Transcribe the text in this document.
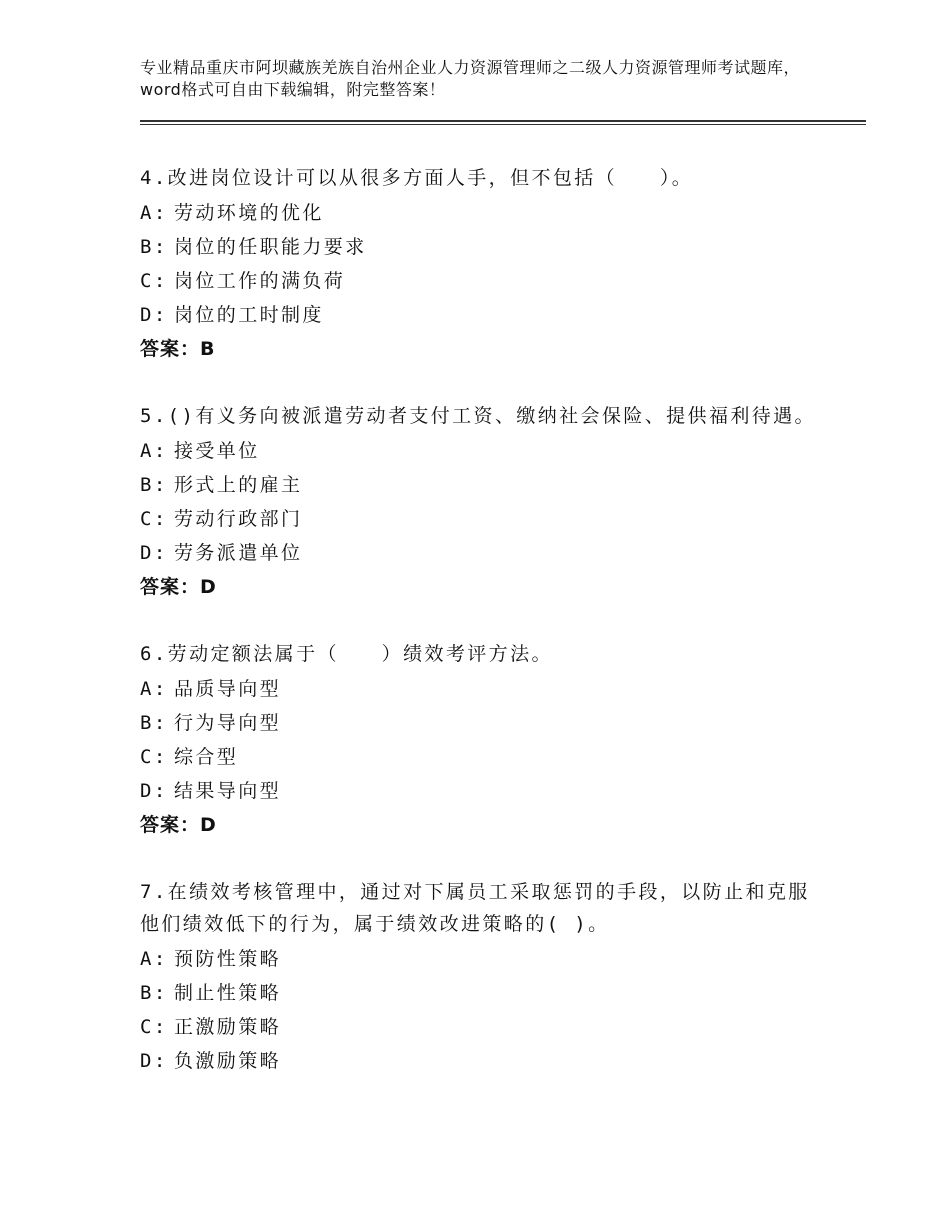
专业精品重庆市阿坝藏族羌族自治州企业人力资源管理师之二级人力资源管理师考试题库，word格式可自由下载编辑，附完整答案！
4.改进岗位设计可以从很多方面人手，但不包括（　　）。
A: 劳动环境的优化
B: 岗位的任职能力要求
C: 岗位工作的满负荷
D: 岗位的工时制度
答案：B
5.()有义务向被派遣劳动者支付工资、缴纳社会保险、提供福利待遇。
A: 接受单位
B: 形式上的雇主
C: 劳动行政部门
D: 劳务派遣单位
答案：D
6.劳动定额法属于（　　）绩效考评方法。
A: 品质导向型
B: 行为导向型
C: 综合型
D: 结果导向型
答案：D
7.在绩效考核管理中，通过对下属员工采取惩罚的手段，以防止和克服他们绩效低下的行为，属于绩效改进策略的( )。
A: 预防性策略
B: 制止性策略
C: 正激励策略
D: 负激励策略
